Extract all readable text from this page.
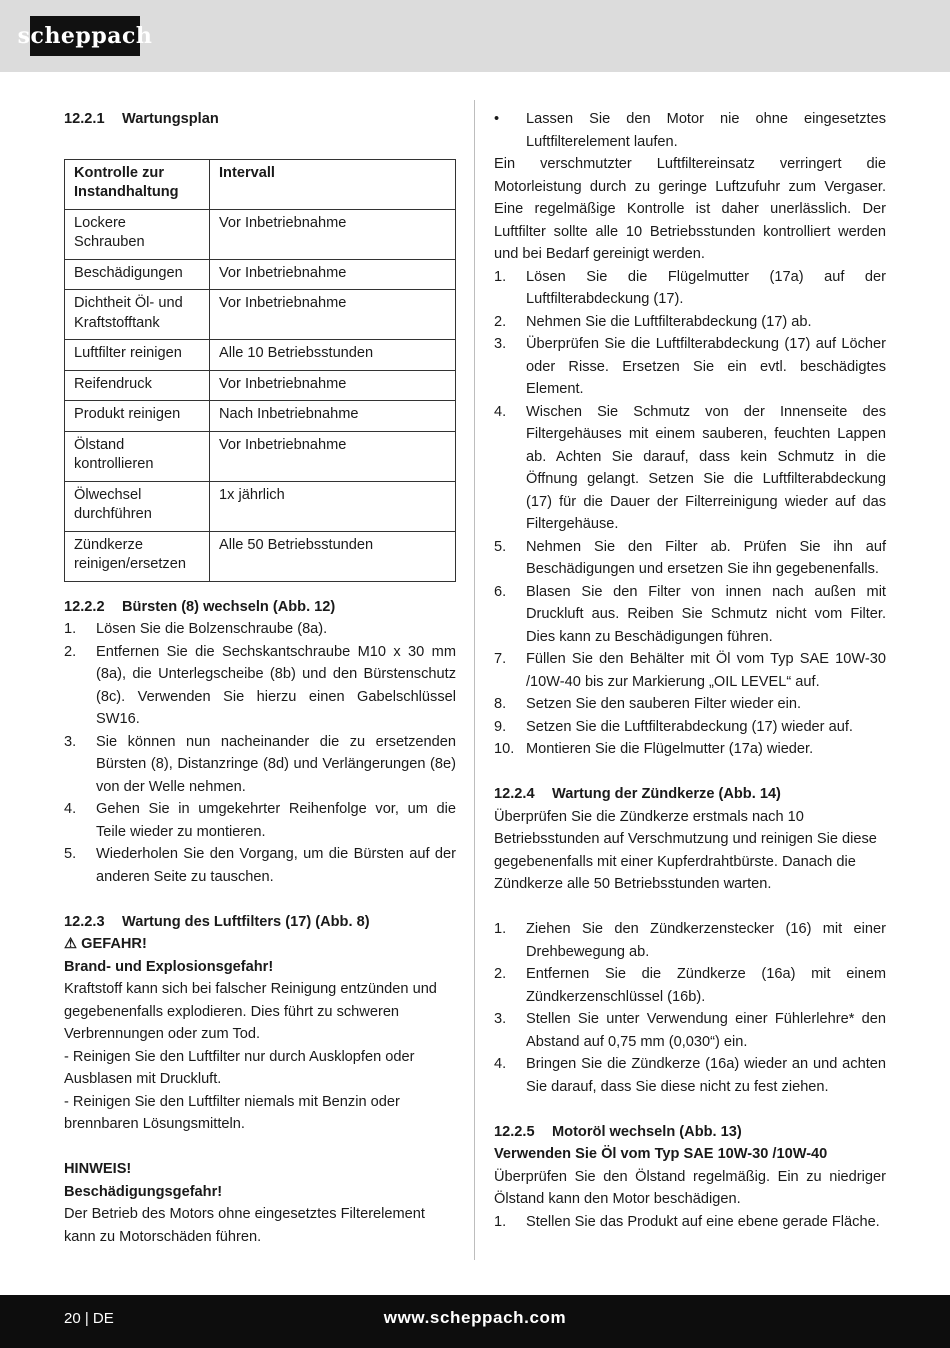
scheppach

12.2.1 Wartungsplan

Kontrolle zur Instandhaltung	Intervall
Lockere Schrauben	Vor Inbetriebnahme
Beschädigungen	Vor Inbetriebnahme
Dichtheit Öl- und Kraftstofftank	Vor Inbetriebnahme
Luftfilter reinigen	Alle 10 Betriebsstunden
Reifendruck	Vor Inbetriebnahme
Produkt reinigen	Nach Inbetriebnahme
Ölstand kontrollieren	Vor Inbetriebnahme
Ölwechsel durchführen	1x jährlich
Zündkerze reinigen/ersetzen	Alle 50 Betriebsstunden

12.2.2 Bürsten (8) wechseln (Abb. 12)

1. Lösen Sie die Bolzenschraube (8a).
2. Entfernen Sie die Sechskantschraube M10 x 30 mm (8a), die Unterlegscheibe (8b) und den Bürstenschutz (8c). Verwenden Sie hierzu einen Gabelschlüssel SW16.
3. Sie können nun nacheinander die zu ersetzenden Bürsten (8), Distanzringe (8d) und Verlängerungen (8e) von der Welle nehmen.
4. Gehen Sie in umgekehrter Reihenfolge vor, um die Teile wieder zu montieren.
5. Wiederholen Sie den Vorgang, um die Bürsten auf der anderen Seite zu tauschen.

12.2.3 Wartung des Luftfilters (17) (Abb. 8)

⚠ GEFAHR!

Brand- und Explosionsgefahr!

Kraftstoff kann sich bei falscher Reinigung entzünden und gegebenenfalls explodieren. Dies führt zu schweren Verbrennungen oder zum Tod.

- Reinigen Sie den Luftfilter nur durch Ausklopfen oder Ausblasen mit Druckluft.

- Reinigen Sie den Luftfilter niemals mit Benzin oder brennbaren Lösungsmitteln.

HINWEIS!

Beschädigungsgefahr!

Der Betrieb des Motors ohne eingesetztes Filterelement kann zu Motorschäden führen.

• Lassen Sie den Motor nie ohne eingesetztes Luftfilterelement laufen.

Ein verschmutzter Luftfiltereinsatz verringert die Motorleistung durch zu geringe Luftzufuhr zum Vergaser. Eine regelmäßige Kontrolle ist daher unerlässlich. Der Luftfilter sollte alle 10 Betriebsstunden kontrolliert werden und bei Bedarf gereinigt werden.

1. Lösen Sie die Flügelmutter (17a) auf der Luftfilterabdeckung (17).
2. Nehmen Sie die Luftfilterabdeckung (17) ab.
3. Überprüfen Sie die Luftfilterabdeckung (17) auf Löcher oder Risse. Ersetzen Sie ein evtl. beschädigtes Element.
4. Wischen Sie Schmutz von der Innenseite des Filtergehäuses mit einem sauberen, feuchten Lappen ab. Achten Sie darauf, dass kein Schmutz in die Öffnung gelangt. Setzen Sie die Luftfilterabdeckung (17) für die Dauer der Filterreinigung wieder auf das Filtergehäuse.
5. Nehmen Sie den Filter ab. Prüfen Sie ihn auf Beschädigungen und ersetzen Sie ihn gegebenenfalls.
6. Blasen Sie den Filter von innen nach außen mit Druckluft aus. Reiben Sie Schmutz nicht vom Filter. Dies kann zu Beschädigungen führen.
7. Füllen Sie den Behälter mit Öl vom Typ SAE 10W-30 /10W-40 bis zur Markierung „OIL LEVEL“ auf.
8. Setzen Sie den sauberen Filter wieder ein.
9. Setzen Sie die Luftfilterabdeckung (17) wieder auf.
10. Montieren Sie die Flügelmutter (17a) wieder.

12.2.4 Wartung der Zündkerze (Abb. 14)

Überprüfen Sie die Zündkerze erstmals nach 10 Betriebsstunden auf Verschmutzung und reinigen Sie diese gegebenenfalls mit einer Kupferdrahtbürste. Danach die Zündkerze alle 50 Betriebsstunden warten.

1. Ziehen Sie den Zündkerzenstecker (16) mit einer Drehbewegung ab.
2. Entfernen Sie die Zündkerze (16a) mit einem Zündkerzenschlüssel (16b).
3. Stellen Sie unter Verwendung einer Fühlerlehre* den Abstand auf 0,75 mm (0,030“) ein.
4. Bringen Sie die Zündkerze (16a) wieder an und achten Sie darauf, dass Sie diese nicht zu fest ziehen.

12.2.5 Motoröl wechseln (Abb. 13)

Verwenden Sie Öl vom Typ SAE 10W-30 /10W-40

Überprüfen Sie den Ölstand regelmäßig. Ein zu niedriger Ölstand kann den Motor beschädigen.

1. Stellen Sie das Produkt auf eine ebene gerade Fläche.
20 | DE	www.scheppach.com
